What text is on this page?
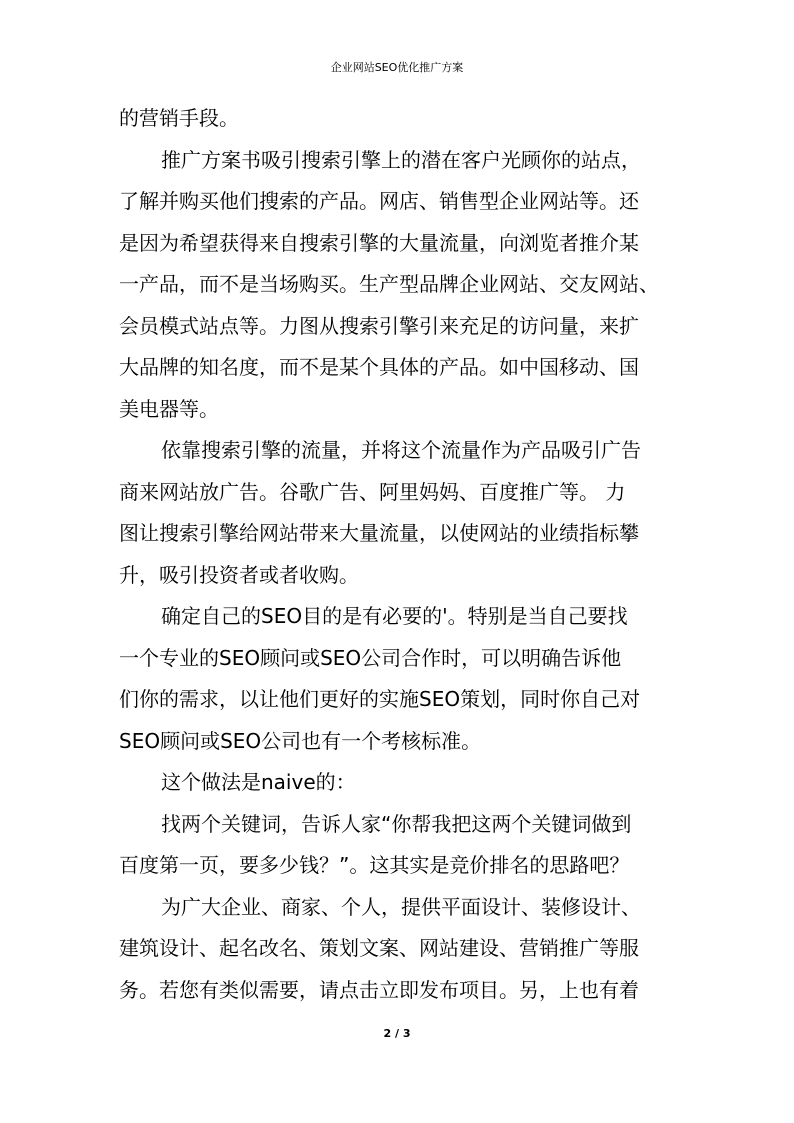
企业网站SEO优化推广方案
的营销手段。
推广方案书吸引搜索引擎上的潜在客户光顾你的站点，
了解并购买他们搜索的产品。网店、销售型企业网站等。还
是因为希望获得来自搜索引擎的大量流量，向浏览者推介某
一产品，而不是当场购买。生产型品牌企业网站、交友网站、
会员模式站点等。力图从搜索引擎引来充足的访问量，来扩
大品牌的知名度，而不是某个具体的产品。如中国移动、国
美电器等。
依靠搜索引擎的流量，并将这个流量作为产品吸引广告
商来网站放广告。谷歌广告、阿里妈妈、百度推广等。 力
图让搜索引擎给网站带来大量流量，以使网站的业绩指标攀
升，吸引投资者或者收购。
确定自己的SEO目的是有必要的'。特别是当自己要找
一个专业的SEO顾问或SEO公司合作时，可以明确告诉他
们你的需求，以让他们更好的实施SEO策划，同时你自己对
SEO顾问或SEO公司也有一个考核标准。
这个做法是naive的：
找两个关键词，告诉人家“你帮我把这两个关键词做到
百度第一页，要多少钱？”。这其实是竞价排名的思路吧？
为广大企业、商家、个人，提供平面设计、装修设计、
建筑设计、起名改名、策划文案、网站建设、营销推广等服
务。若您有类似需要，请点击立即发布项目。另，上也有着
2 / 3
